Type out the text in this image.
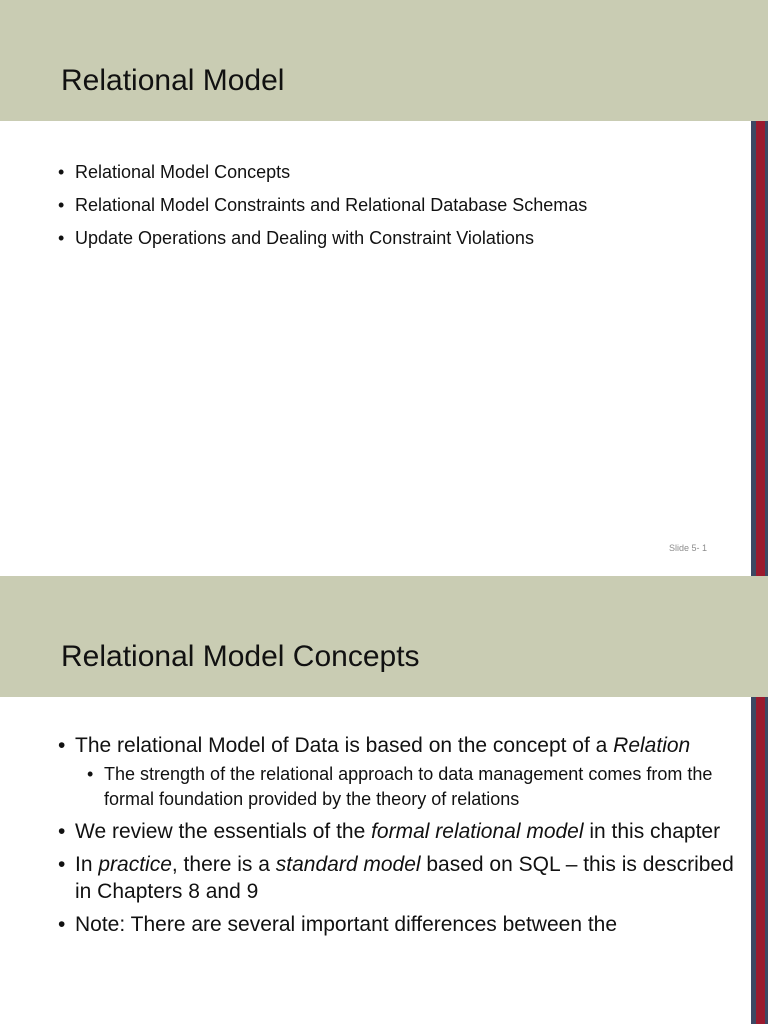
Relational Model
• Relational Model Concepts
• Relational Model Constraints and Relational Database Schemas
• Update Operations and Dealing with Constraint Violations
Slide 5- 1
Relational Model Concepts
• The relational Model of Data is based on the concept of a Relation
• The strength of the relational approach to data management comes from the formal foundation provided by the theory of relations
• We review the essentials of the formal relational model in this chapter
• In practice, there is a standard model based on SQL – this is described in Chapters 8 and 9
• Note: There are several important differences between the
